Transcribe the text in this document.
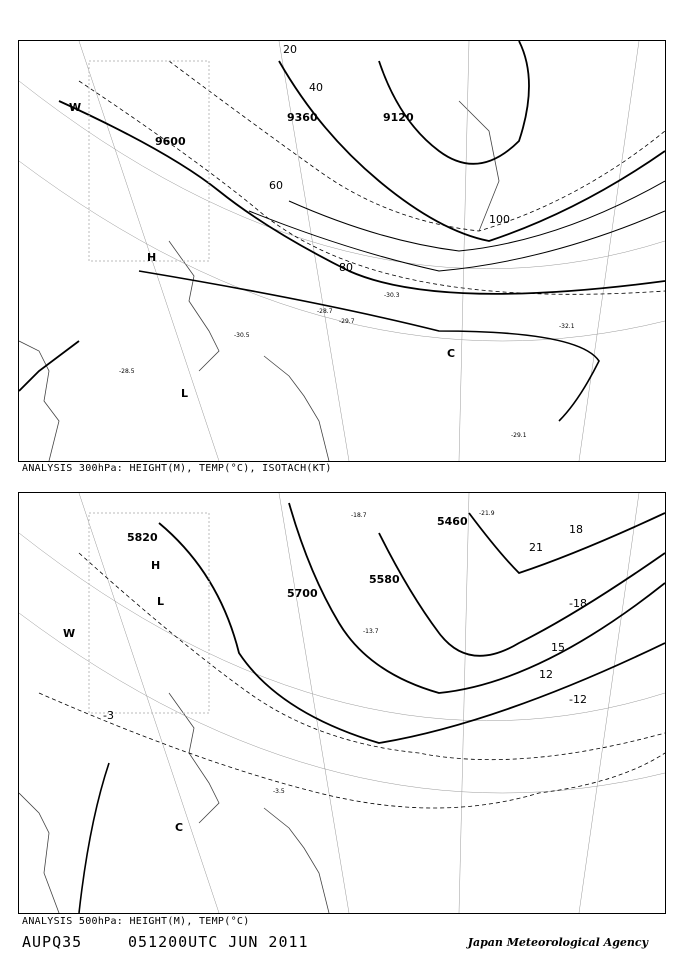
9600
9360	9120
20
40
60
80
100
W
H
L
C
-30.5
-29.7
-28.7
-30.3
-32.1
-29.1
-28.5
ANALYSIS 300hPa: HEIGHT(M), TEMP(°C), ISOTACH(KT)
5820
5700
5580
5460
-3
-12
-18
21
12
15
18
W
H
L
C
-21.9
-18.7
-13.7
-3.5
ANALYSIS 500hPa: HEIGHT(M), TEMP(°C)
AUPQ35	051200UTC JUN 2011	Japan Meteorological Agency
